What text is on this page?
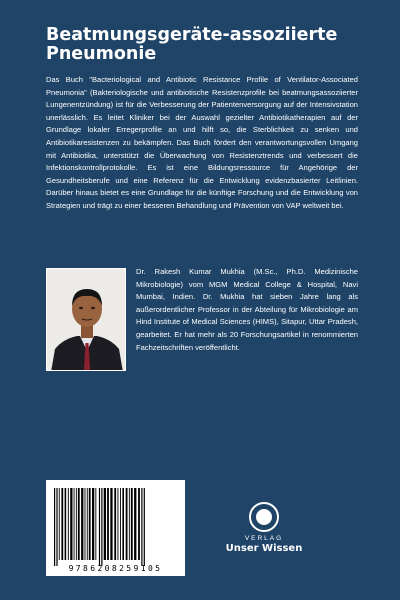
Beatmungsgeräte-assoziierte Pneumonie

Das Buch "Bacteriological and Antibiotic Resistance Profile of Ventilator-Associated Pneumonia" (Bakteriologische und antibiotische Resistenzprofile bei beatmungsassoziierter Lungenentzündung) ist für die Verbesserung der Patientenversorgung auf der Intensivstation unerlässlich. Es leitet Kliniker bei der Auswahl gezielter Antibiotikatherapien auf der Grundlage lokaler Erregerprofile an und hilft so, die Sterblichkeit zu senken und Antibiotikaresistenzen zu bekämpfen. Das Buch fördert den verantwortungsvollen Umgang mit Antibiotika, unterstützt die Überwachung von Resistenztrends und verbessert die Infektionskontrollprotokolle. Es ist eine Bildungsressource für Angehörige der Gesundheitsberufe und eine Referenz für die Entwicklung evidenzbasierter Leitlinien. Darüber hinaus bietet es eine Grundlage für die künftige Forschung und die Entwicklung von Strategien und trägt zu einer besseren Behandlung und Prävention von VAP weltweit bei.

Dr. Rakesh Kumar Mukhia (M.Sc., Ph.D. Medizinische Mikrobiologie) vom MGM Medical College & Hospital, Navi Mumbai, Indien. Dr. Mukhia hat sieben Jahre lang als außerordentlicher Professor in der Abteilung für Mikrobiologie am Hind Institute of Medical Sciences (HIMS), Sitapur, Uttar Pradesh, gearbeitet. Er hat mehr als 20 Forschungsartikel in renommierten Fachzeitschriften veröffentlicht.

9786208259105
VERLAG
Unser Wissen
